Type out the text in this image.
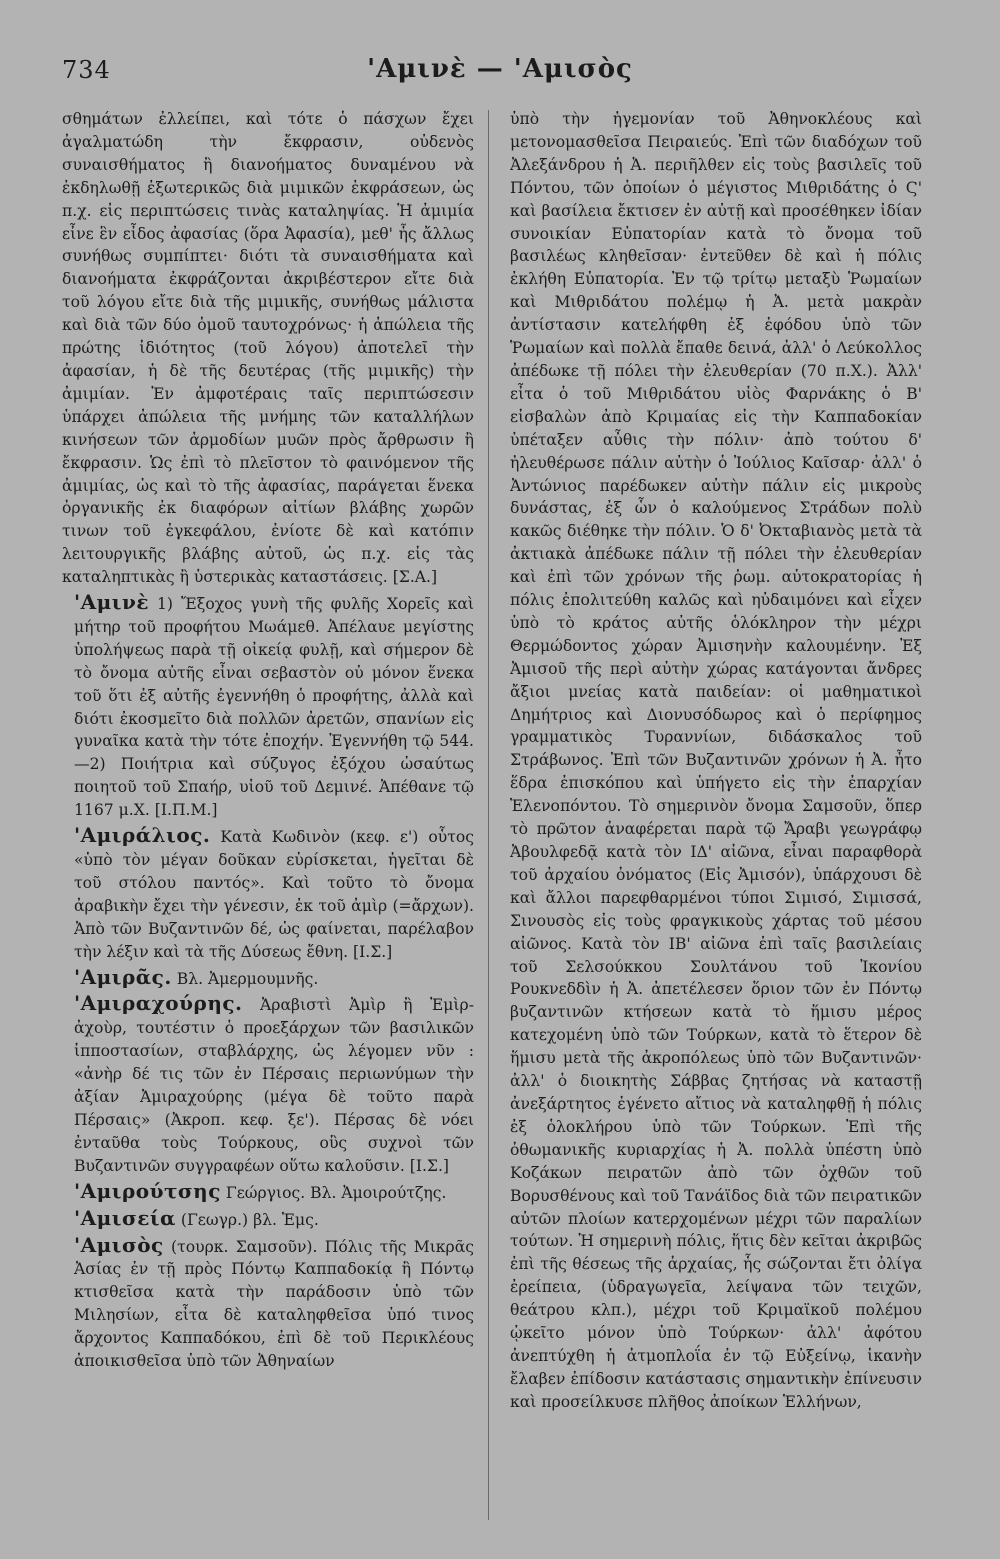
734	'Αμινὲ — 'Αμισὸς

σθημάτων ἐλλείπει, καὶ τότε ὁ πάσχων ἔχει ἀγαλματώδη τὴν ἔκφρασιν, οὐδενὸς συναισθήματος ἢ διανοήματος δυναμένου νὰ ἐκδηλωθῇ ἐξωτερικῶς διὰ μιμικῶν ἐκφράσεων, ὡς π.χ. εἰς περιπτώσεις τινὰς καταληψίας. Ἡ ἀμιμία εἶνε ἓν εἶδος ἀφασίας (ὅρα Ἀφασία), μεθ' ἧς ἄλλως συνήθως συμπίπτει· διότι τὰ συναισθήματα καὶ διανοήματα ἐκφράζονται ἀκριβέστερον εἴτε διὰ τοῦ λόγου εἴτε διὰ τῆς μιμικῆς, συνήθως μάλιστα καὶ διὰ τῶν δύο ὁμοῦ ταυτοχρόνως· ἡ ἀπώλεια τῆς πρώτης ἰδιότητος (τοῦ λόγου) ἀποτελεῖ τὴν ἀφασίαν, ἡ δὲ τῆς δευτέρας (τῆς μιμικῆς) τὴν ἀμιμίαν. Ἐν ἀμφοτέραις ταῖς περιπτώσεσιν ὑπάρχει ἀπώλεια τῆς μνήμης τῶν καταλλήλων κινήσεων τῶν ἁρμοδίων μυῶν πρὸς ἄρθρωσιν ἢ ἔκφρασιν. Ὡς ἐπὶ τὸ πλεῖστον τὸ φαινόμενον τῆς ἀμιμίας, ὡς καὶ τὸ τῆς ἀφασίας, παράγεται ἕνεκα ὀργανικῆς ἐκ διαφόρων αἰτίων βλάβης χωρῶν τινων τοῦ ἐγκεφάλου, ἐνίοτε δὲ καὶ κατόπιν λειτουργικῆς βλάβης αὐτοῦ, ὡς π.χ. εἰς τὰς καταληπτικὰς ἢ ὑστερικὰς καταστάσεις. [Σ.Α.]

'Αμινὲ 1) Ἔξοχος γυνὴ τῆς φυλῆς Χορεῖς καὶ μήτηρ τοῦ προφήτου Μωάμεθ. Ἀπέλαυε μεγίστης ὑπολήψεως παρὰ τῇ οἰκείᾳ φυλῇ, καὶ σήμερον δὲ τὸ ὄνομα αὐτῆς εἶναι σεβαστὸν οὐ μόνον ἕνεκα τοῦ ὅτι ἐξ αὐτῆς ἐγεννήθη ὁ προφήτης, ἀλλὰ καὶ διότι ἐκοσμεῖτο διὰ πολλῶν ἀρετῶν, σπανίων εἰς γυναῖκα κατὰ τὴν τότε ἐποχήν. Ἐγεννήθη τῷ 544.—2) Ποιήτρια καὶ σύζυγος ἐξόχου ὡσαύτως ποιητοῦ τοῦ Σπαήρ, υἱοῦ τοῦ Δεμινέ. Ἀπέθανε τῷ 1167 μ.Χ. [Ι.Π.Μ.]

'Αμιράλιος. Κατὰ Κωδινὸν (κεφ. ε') οὗτος «ὑπὸ τὸν μέγαν δοῦκαν εὑρίσκεται, ἡγεῖται δὲ τοῦ στόλου παντός». Καὶ τοῦτο τὸ ὄνομα ἀραβικὴν ἔχει τὴν γένεσιν, ἐκ τοῦ ἀμὶρ (=ἄρχων). Ἀπὸ τῶν Βυζαντινῶν δέ, ὡς φαίνεται, παρέλαβον τὴν λέξιν καὶ τὰ τῆς Δύσεως ἔθνη. [Ι.Σ.]

'Αμιρᾶς. Βλ. Ἀμερμουμνῆς.

'Αμιραχούρης. Ἀραβιστὶ Ἀμὶρ ἢ Ἐμὶρ-ἀχοὺρ, τουτέστιν ὁ προεξάρχων τῶν βασιλικῶν ἱπποστασίων, σταβλάρχης, ὡς λέγομεν νῦν : «ἀνὴρ δέ τις τῶν ἐν Πέρσαις περιωνύμων τὴν ἀξίαν Ἀμιραχούρης (μέγα δὲ τοῦτο παρὰ Πέρσαις» (Ἀκροπ. κεφ. ξε'). Πέρσας δὲ νόει ἐνταῦθα τοὺς Τούρκους, οὓς συχνοὶ τῶν Βυζαντινῶν συγγραφέων οὕτω καλοῦσιν. [Ι.Σ.]

'Αμιρούτσης Γεώργιος. Βλ. Ἀμοιρούτζης.

'Αμισεία (Γεωγρ.) βλ. Ἑμς.

'Αμισὸς (τουρκ. Σαμσοῦν). Πόλις τῆς Μικρᾶς Ἀσίας ἐν τῇ πρὸς Πόντῳ Καππαδοκίᾳ ἢ Πόντῳ κτισθεῖσα κατὰ τὴν παράδοσιν ὑπὸ τῶν Μιλησίων, εἶτα δὲ καταληφθεῖσα ὑπό τινος ἄρχοντος Καππαδόκου, ἐπὶ δὲ τοῦ Περικλέους ἀποικισθεῖσα ὑπὸ τῶν Ἀθηναίων

ὑπὸ τὴν ἡγεμονίαν τοῦ Ἀθηνοκλέους καὶ μετονομασθεῖσα Πειραιεύς. Ἐπὶ τῶν διαδόχων τοῦ Ἀλεξάνδρου ἡ Ἀ. περιῆλθεν εἰς τοὺς βασιλεῖς τοῦ Πόντου, τῶν ὁποίων ὁ μέγιστος Μιθριδάτης ὁ Ϛ' καὶ βασίλεια ἔκτισεν ἐν αὐτῇ καὶ προσέθηκεν ἰδίαν συνοικίαν Εὐπατορίαν κατὰ τὸ ὄνομα τοῦ βασιλέως κληθεῖσαν· ἐντεῦθεν δὲ καὶ ἡ πόλις ἐκλήθη Εὐπατορία. Ἐν τῷ τρίτῳ μεταξὺ Ῥωμαίων καὶ Μιθριδάτου πολέμῳ ἡ Ἀ. μετὰ μακρὰν ἀντίστασιν κατελήφθη ἐξ ἐφόδου ὑπὸ τῶν Ῥωμαίων καὶ πολλὰ ἔπαθε δεινά, ἀλλ' ὁ Λεύκολλος ἀπέδωκε τῇ πόλει τὴν ἐλευθερίαν (70 π.Χ.). Ἀλλ' εἶτα ὁ τοῦ Μιθριδάτου υἱὸς Φαρνάκης ὁ Β' εἰσβαλὼν ἀπὸ Κριμαίας εἰς τὴν Καππαδοκίαν ὑπέταξεν αὖθις τὴν πόλιν· ἀπὸ τούτου δ' ἠλευθέρωσε πάλιν αὐτὴν ὁ Ἰούλιος Καῖσαρ· ἀλλ' ὁ Ἀντώνιος παρέδωκεν αὐτὴν πάλιν εἰς μικροὺς δυνάστας, ἐξ ὧν ὁ καλούμενος Στράδων πολὺ κακῶς διέθηκε τὴν πόλιν. Ὁ δ' Ὀκταβιανὸς μετὰ τὰ ἀκτιακὰ ἀπέδωκε πάλιν τῇ πόλει τὴν ἐλευθερίαν καὶ ἐπὶ τῶν χρόνων τῆς ῥωμ. αὐτοκρατορίας ἡ πόλις ἐπολιτεύθη καλῶς καὶ ηὐδαιμόνει καὶ εἶχεν ὑπὸ τὸ κράτος αὐτῆς ὁλόκληρον τὴν μέχρι Θερμώδοντος χώραν Ἀμισηνὴν καλουμένην. Ἐξ Ἀμισοῦ τῆς περὶ αὐτὴν χώρας κατάγονται ἄνδρες ἄξιοι μνείας κατὰ παιδείαν: οἱ μαθηματικοὶ Δημήτριος καὶ Διονυσόδωρος καὶ ὁ περίφημος γραμματικὸς Τυραννίων, διδάσκαλος τοῦ Στράβωνος. Ἐπὶ τῶν Βυζαντινῶν χρόνων ἡ Ἀ. ἦτο ἕδρα ἐπισκόπου καὶ ὑπήγετο εἰς τὴν ἐπαρχίαν Ἑλενοπόντου. Τὸ σημερινὸν ὄνομα Σαμσοῦν, ὅπερ τὸ πρῶτον ἀναφέρεται παρὰ τῷ Ἄραβι γεωγράφῳ Ἀβουλφεδᾷ κατὰ τὸν ΙΔ' αἰῶνα, εἶναι παραφθορὰ τοῦ ἀρχαίου ὀνόματος (Εἰς Ἀμισόν), ὑπάρχουσι δὲ καὶ ἄλλοι παρεφθαρμένοι τύποι Σιμισό, Σιμισσά, Σινουσὸς εἰς τοὺς φραγκικοὺς χάρτας τοῦ μέσου αἰῶνος. Κατὰ τὸν ΙΒ' αἰῶνα ἐπὶ ταῖς βασιλείαις τοῦ Σελσούκκου Σουλτάνου τοῦ Ἰκονίου Ρουκνεδδὶν ἡ Ἀ. ἀπετέλεσεν ὅριον τῶν ἐν Πόντῳ βυζαντινῶν κτήσεων κατὰ τὸ ἥμισυ μέρος κατεχομένη ὑπὸ τῶν Τούρκων, κατὰ τὸ ἕτερον δὲ ἥμισυ μετὰ τῆς ἀκροπόλεως ὑπὸ τῶν Βυζαντινῶν· ἀλλ' ὁ διοικητὴς Σάββας ζητήσας νὰ καταστῇ ἀνεξάρτητος ἐγένετο αἴτιος νὰ καταληφθῇ ἡ πόλις ἐξ ὁλοκλήρου ὑπὸ τῶν Τούρκων. Ἐπὶ τῆς ὀθωμανικῆς κυριαρχίας ἡ Ἀ. πολλὰ ὑπέστη ὑπὸ Κοζάκων πειρατῶν ἀπὸ τῶν ὀχθῶν τοῦ Βορυσθένους καὶ τοῦ Τανάϊδος διὰ τῶν πειρατικῶν αὐτῶν πλοίων κατερχομένων μέχρι τῶν παραλίων τούτων. Ἡ σημερινὴ πόλις, ἥτις δὲν κεῖται ἀκριβῶς ἐπὶ τῆς θέσεως τῆς ἀρχαίας, ἧς σώζονται ἔτι ὀλίγα ἐρείπεια, (ὑδραγωγεῖα, λείψανα τῶν τειχῶν, θεάτρου κλπ.), μέχρι τοῦ Κριμαϊκοῦ πολέμου ᾠκεῖτο μόνον ὑπὸ Τούρκων· ἀλλ' ἀφότου ἀνεπτύχθη ἡ ἀτμοπλοΐα ἐν τῷ Εὐξείνῳ, ἱκανὴν ἔλαβεν ἐπίδοσιν κατάστασις σημαντικὴν ἐπίνευσιν καὶ προσείλκυσε πλῆθος ἀποίκων Ἑλλήνων,
